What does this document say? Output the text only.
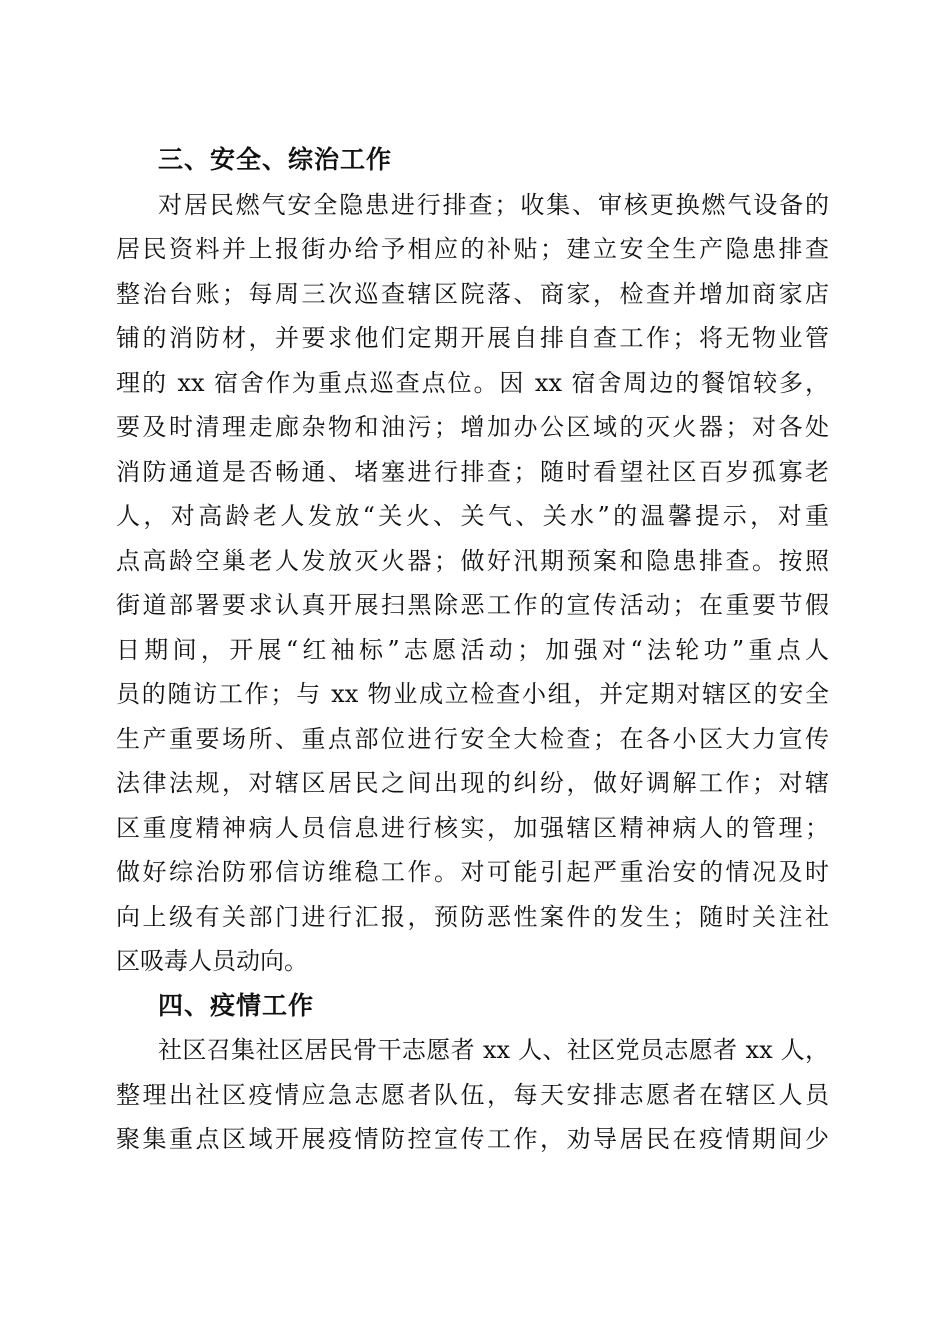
三、安全、综治工作
对居民燃气安全隐患进行排查；收集、审核更换燃气设备的
居民资料并上报街办给予相应的补贴；建立安全生产隐患排查
整治台账；每周三次巡查辖区院落、商家，检查并增加商家店
铺的消防材，并要求他们定期开展自排自查工作；将无物业管
理的 xx 宿舍作为重点巡查点位。因 xx 宿舍周边的餐馆较多，
要及时清理走廊杂物和油污；增加办公区域的灭火器；对各处
消防通道是否畅通、堵塞进行排查；随时看望社区百岁孤寡老
人，对高龄老人发放“关火、关气、关水”的温馨提示，对重
点高龄空巢老人发放灭火器；做好汛期预案和隐患排查。按照
街道部署要求认真开展扫黑除恶工作的宣传活动；在重要节假
日期间，开展“红袖标”志愿活动；加强对“法轮功”重点人
员的随访工作；与 xx 物业成立检查小组，并定期对辖区的安全
生产重要场所、重点部位进行安全大检查；在各小区大力宣传
法律法规，对辖区居民之间出现的纠纷，做好调解工作；对辖
区重度精神病人员信息进行核实，加强辖区精神病人的管理；
做好综治防邪信访维稳工作。对可能引起严重治安的情况及时
向上级有关部门进行汇报，预防恶性案件的发生；随时关注社
区吸毒人员动向。
四、疫情工作
社区召集社区居民骨干志愿者 xx 人、社区党员志愿者 xx 人，
整理出社区疫情应急志愿者队伍，每天安排志愿者在辖区人员
聚集重点区域开展疫情防控宣传工作，劝导居民在疫情期间少
